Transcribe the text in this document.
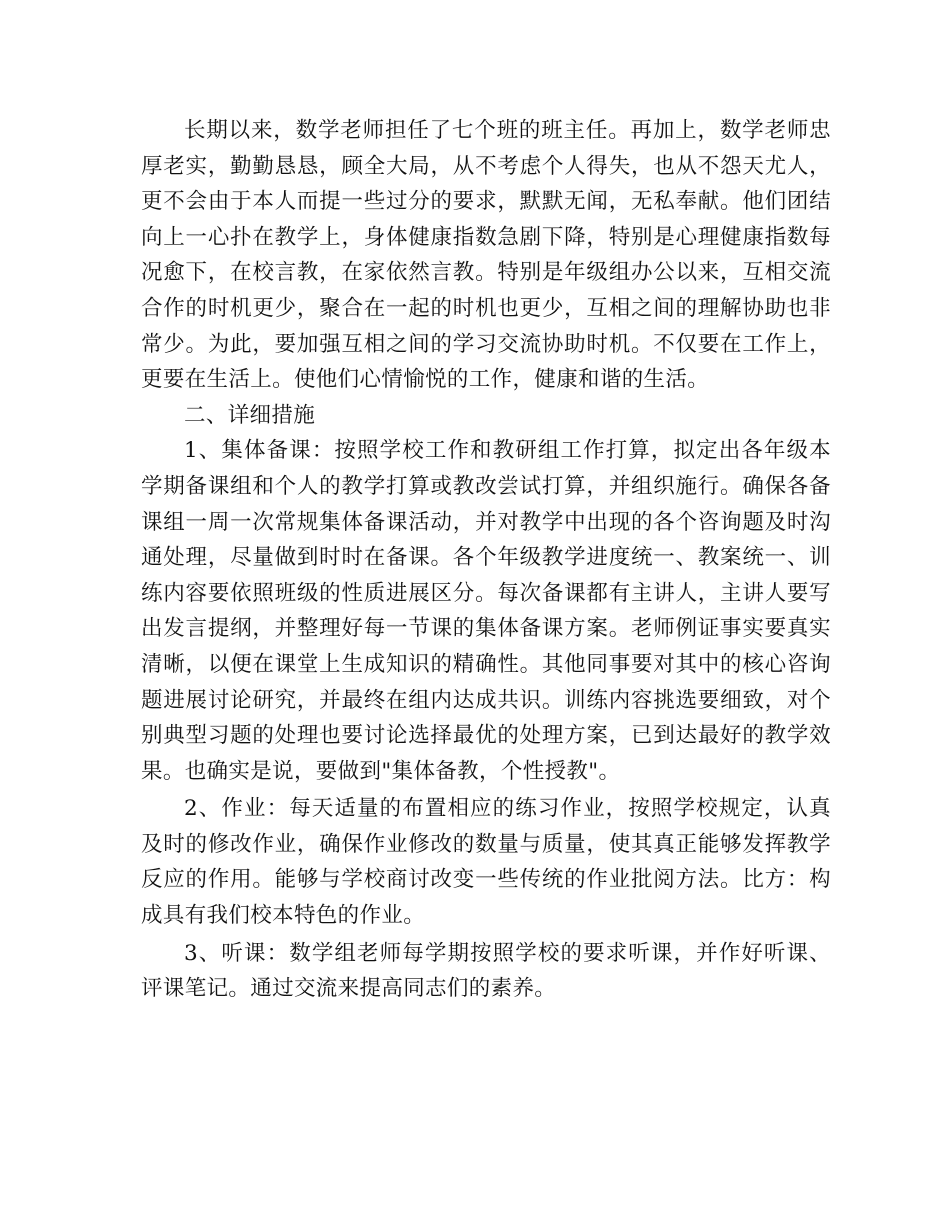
长期以来，数学老师担任了七个班的班主任。再加上，数学老师忠厚老实，勤勤恳恳，顾全大局，从不考虑个人得失，也从不怨天尤人，更不会由于本人而提一些过分的要求，默默无闻，无私奉献。他们团结向上一心扑在教学上，身体健康指数急剧下降，特别是心理健康指数每况愈下，在校言教，在家依然言教。特别是年级组办公以来，互相交流合作的时机更少，聚合在一起的时机也更少，互相之间的理解协助也非常少。为此，要加强互相之间的学习交流协助时机。不仅要在工作上，更要在生活上。使他们心情愉悦的工作，健康和谐的生活。

二、详细措施

1、集体备课：按照学校工作和教研组工作打算，拟定出各年级本学期备课组和个人的教学打算或教改尝试打算，并组织施行。确保各备课组一周一次常规集体备课活动，并对教学中出现的各个咨询题及时沟通处理，尽量做到时时在备课。各个年级教学进度统一、教案统一、训练内容要依照班级的性质进展区分。每次备课都有主讲人，主讲人要写出发言提纲，并整理好每一节课的集体备课方案。老师例证事实要真实清晰，以便在课堂上生成知识的精确性。其他同事要对其中的核心咨询题进展讨论研究，并最终在组内达成共识。训练内容挑选要细致，对个别典型习题的处理也要讨论选择最优的处理方案，已到达最好的教学效果。也确实是说，要做到"集体备教，个性授教"。

2、作业：每天适量的布置相应的练习作业，按照学校规定，认真及时的修改作业，确保作业修改的数量与质量，使其真正能够发挥教学反应的作用。能够与学校商讨改变一些传统的作业批阅方法。比方：构成具有我们校本特色的作业。

3、听课：数学组老师每学期按照学校的要求听课，并作好听课、评课笔记。通过交流来提高同志们的素养。
